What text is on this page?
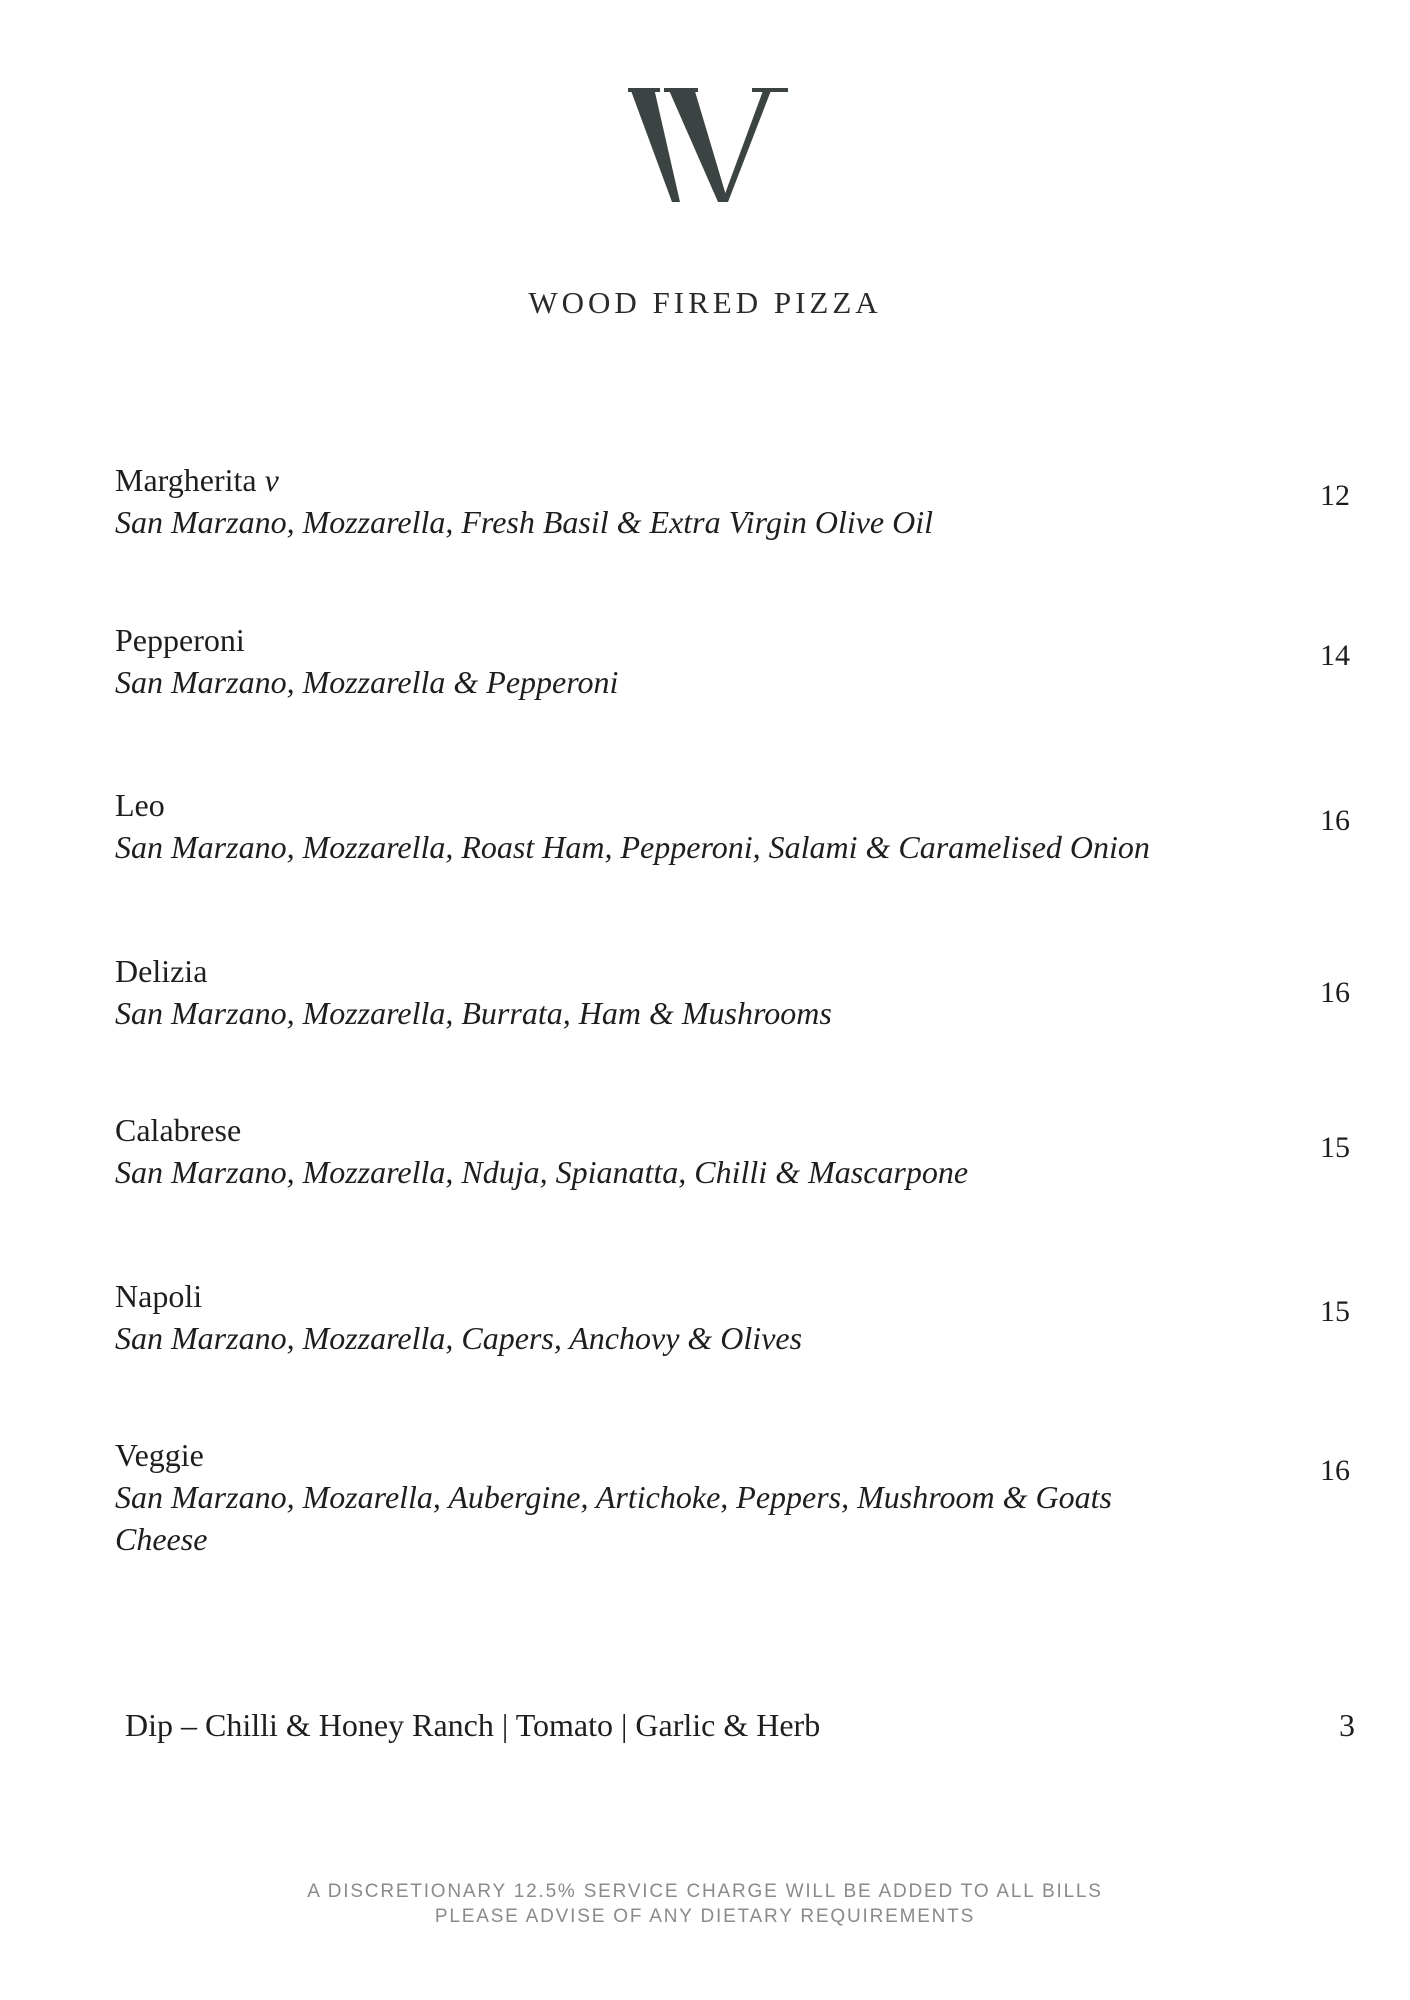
WOOD FIRED PIZZA
Margherita v
San Marzano, Mozzarella, Fresh Basil & Extra Virgin Olive Oil
12
Pepperoni
San Marzano, Mozzarella & Pepperoni
14
Leo
San Marzano, Mozzarella, Roast Ham, Pepperoni, Salami & Caramelised Onion
16
Delizia
San Marzano, Mozzarella, Burrata, Ham & Mushrooms
16
Calabrese
San Marzano, Mozzarella, Nduja, Spianatta, Chilli & Mascarpone
15
Napoli
San Marzano, Mozzarella, Capers, Anchovy & Olives
15
Veggie
San Marzano, Mozarella, Aubergine, Artichoke, Peppers, Mushroom & Goats Cheese
16
Dip – Chilli & Honey Ranch | Tomato | Garlic & Herb	3
A DISCRETIONARY 12.5% SERVICE CHARGE WILL BE ADDED TO ALL BILLS
PLEASE ADVISE OF ANY DIETARY REQUIREMENTS
